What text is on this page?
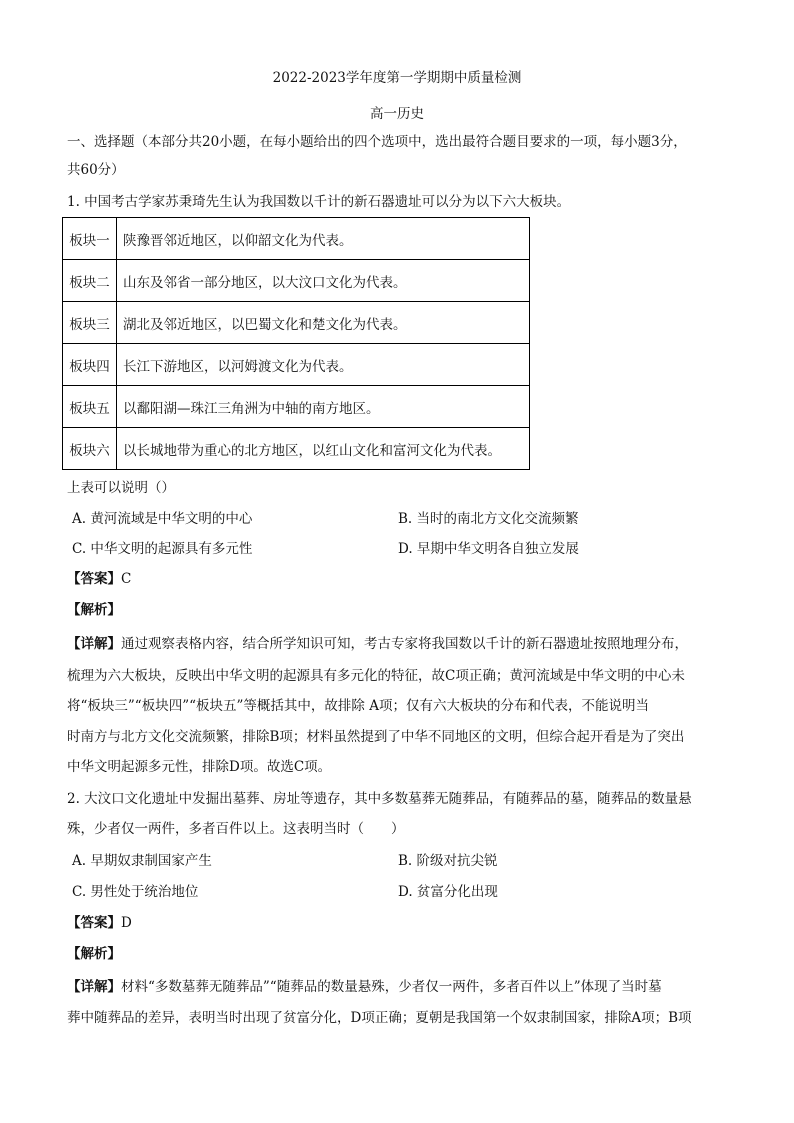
2022-2023学年度第一学期期中质量检测
高一历史
一、选择题（本部分共20小题，在每小题给出的四个选项中，选出最符合题目要求的一项，每小题3分，
共60分）
1. 中国考古学家苏秉琦先生认为我国数以千计的新石器遗址可以分为以下六大板块。
板块一	陕豫晋邻近地区，以仰韶文化为代表。
板块二	山东及邻省一部分地区，以大汶口文化为代表。
板块三	湖北及邻近地区，以巴蜀文化和楚文化为代表。
板块四	长江下游地区，以河姆渡文化为代表。
板块五	以鄱阳湖—珠江三角洲为中轴的南方地区。
板块六	以长城地带为重心的北方地区，以红山文化和富河文化为代表。
上表可以说明（）
A. 黄河流域是中华文明的中心	B. 当时的南北方文化交流频繁
C. 中华文明的起源具有多元性	D. 早期中华文明各自独立发展
【答案】C
【解析】
【详解】通过观察表格内容，结合所学知识可知，考古专家将我国数以千计的新石器遗址按照地理分布，
梳理为六大板块，反映出中华文明的起源具有多元化的特征，故C项正确；黄河流域是中华文明的中心未
将“板块三”“板块四”“板块五”等概括其中，故排除 A项；仅有六大板块的分布和代表，不能说明当
时南方与北方文化交流频繁，排除B项；材料虽然提到了中华不同地区的文明，但综合起开看是为了突出
中华文明起源多元性，排除D项。故选C项。
2. 大汶口文化遗址中发掘出墓葬、房址等遗存，其中多数墓葬无随葬品，有随葬品的墓，随葬品的数量悬
殊，少者仅一两件，多者百件以上。这表明当时（　　）
A. 早期奴隶制国家产生	B. 阶级对抗尖锐
C. 男性处于统治地位	D. 贫富分化出现
【答案】D
【解析】
【详解】材料“多数墓葬无随葬品”“随葬品的数量悬殊，少者仅一两件，多者百件以上”体现了当时墓
葬中随葬品的差异，表明当时出现了贫富分化，D项正确；夏朝是我国第一个奴隶制国家，排除A项；B项
